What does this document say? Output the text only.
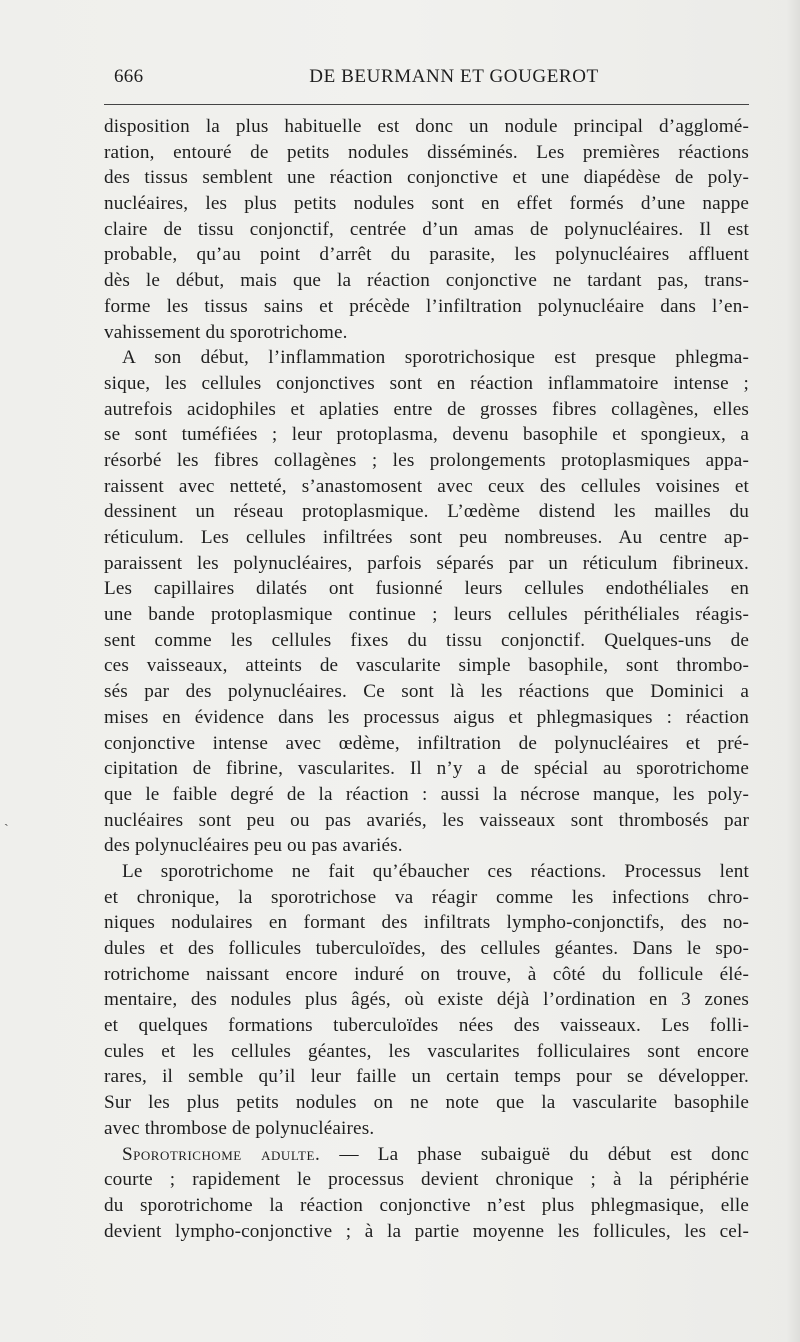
666	DE BEURMANN ET GOUGEROT
ˏ
disposition la plus habituelle est donc un nodule principal d’agglomé-
ration, entouré de petits nodules disséminés. Les premières réactions
des tissus semblent une réaction conjonctive et une diapédèse de poly-
nucléaires, les plus petits nodules sont en effet formés d’une nappe
claire de tissu conjonctif, centrée d’un amas de polynucléaires. Il est
probable, qu’au point d’arrêt du parasite, les polynucléaires affluent
dès le début, mais que la réaction conjonctive ne tardant pas, trans-
forme les tissus sains et précède l’infiltration polynucléaire dans l’en-
vahissement du sporotrichome.
A son début, l’inflammation sporotrichosique est presque phlegma-
sique, les cellules conjonctives sont en réaction inflammatoire intense ;
autrefois acidophiles et aplaties entre de grosses fibres collagènes, elles
se sont tuméfiées ; leur protoplasma, devenu basophile et spongieux, a
résorbé les fibres collagènes ; les prolongements protoplasmiques appa-
raissent avec netteté, s’anastomosent avec ceux des cellules voisines et
dessinent un réseau protoplasmique. L’œdème distend les mailles du
réticulum. Les cellules infiltrées sont peu nombreuses. Au centre ap-
paraissent les polynucléaires, parfois séparés par un réticulum fibrineux.
Les capillaires dilatés ont fusionné leurs cellules endothéliales en
une bande protoplasmique continue ; leurs cellules périthéliales réagis-
sent comme les cellules fixes du tissu conjonctif. Quelques-uns de
ces vaisseaux, atteints de vascularite simple basophile, sont thrombo-
sés par des polynucléaires. Ce sont là les réactions que Dominici a
mises en évidence dans les processus aigus et phlegmasiques : réaction
conjonctive intense avec œdème, infiltration de polynucléaires et pré-
cipitation de fibrine, vascularites. Il n’y a de spécial au sporotrichome
que le faible degré de la réaction : aussi la nécrose manque, les poly-
nucléaires sont peu ou pas avariés, les vaisseaux sont thrombosés par
des polynucléaires peu ou pas avariés.
Le sporotrichome ne fait qu’ébaucher ces réactions. Processus lent
et chronique, la sporotrichose va réagir comme les infections chro-
niques nodulaires en formant des infiltrats lympho-conjonctifs, des no-
dules et des follicules tuberculoïdes, des cellules géantes. Dans le spo-
rotrichome naissant encore induré on trouve, à côté du follicule élé-
mentaire, des nodules plus âgés, où existe déjà l’ordination en 3 zones
et quelques formations tuberculoïdes nées des vaisseaux. Les folli-
cules et les cellules géantes, les vascularites folliculaires sont encore
rares, il semble qu’il leur faille un certain temps pour se développer.
Sur les plus petits nodules on ne note que la vascularite basophile
avec thrombose de polynucléaires.
Sporotrichome adulte. — La phase subaiguë du début est donc
courte ; rapidement le processus devient chronique ; à la périphérie
du sporotrichome la réaction conjonctive n’est plus phlegmasique, elle
devient lympho-conjonctive ; à la partie moyenne les follicules, les cel-
